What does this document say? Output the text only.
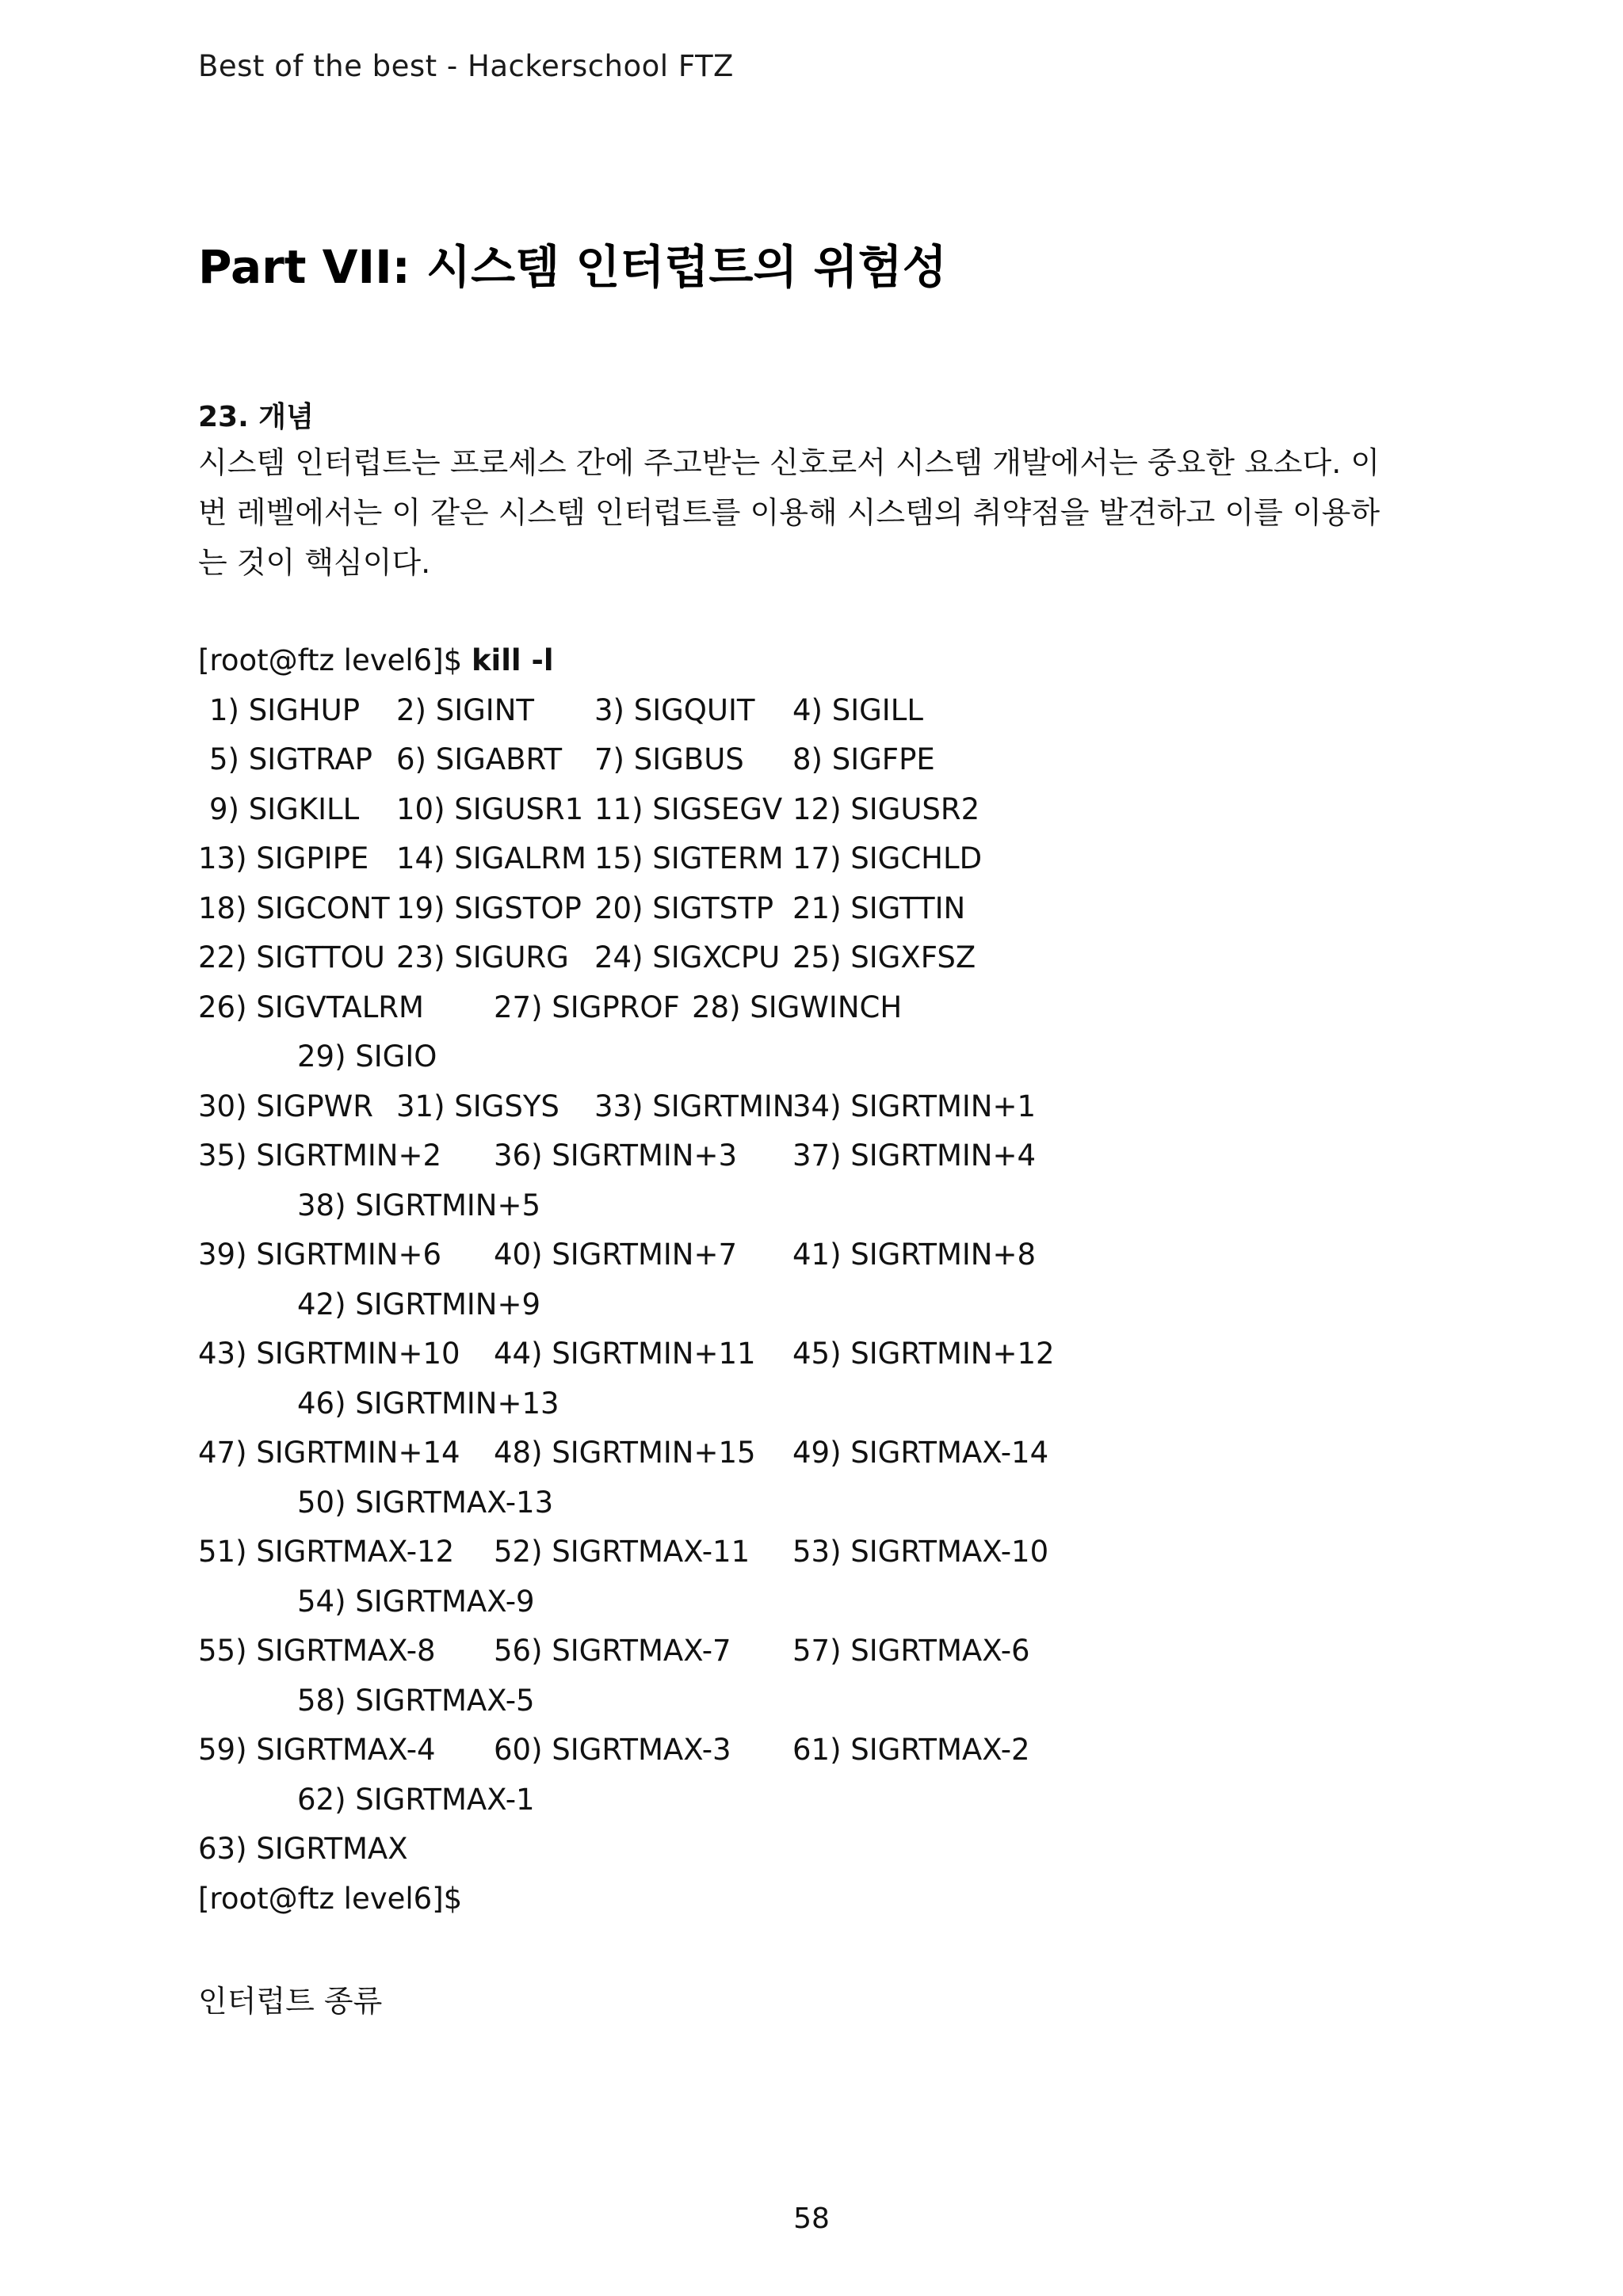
Best of the best - Hackerschool FTZ
Part VII: 시스템 인터럽트의 위험성
23. 개념

시스템 인터럽트는 프로세스 간에 주고받는 신호로서 시스템 개발에서는 중요한 요소다. 이
번 레벨에서는 이 같은 시스템 인터럽트를 이용해 시스템의 취약점을 발견하고 이를 이용하
는 것이 핵심이다.

[root@ftz level6]$ kill -l
1) SIGHUP 2) SIGINT 3) SIGQUIT 4) SIGILL
5) SIGTRAP 6) SIGABRT 7) SIGBUS 8) SIGFPE
9) SIGKILL 10) SIGUSR1 11) SIGSEGV 12) SIGUSR2
13) SIGPIPE 14) SIGALRM 15) SIGTERM 17) SIGCHLD
18) SIGCONT 19) SIGSTOP 20) SIGTSTP 21) SIGTTIN
22) SIGTTOU 23) SIGURG 24) SIGXCPU 25) SIGXFSZ
26) SIGVTALRM 27) SIGPROF 28) SIGWINCH
29) SIGIO
30) SIGPWR 31) SIGSYS 33) SIGRTMIN
34) SIGRTMIN+1
35) SIGRTMIN+2 36) SIGRTMIN+3 37) SIGRTMIN+4
38) SIGRTMIN+5
39) SIGRTMIN+6 40) SIGRTMIN+7 41) SIGRTMIN+8
42) SIGRTMIN+9
43) SIGRTMIN+10 44) SIGRTMIN+11 45) SIGRTMIN+12
46) SIGRTMIN+13
47) SIGRTMIN+14 48) SIGRTMIN+15 49) SIGRTMAX-14
50) SIGRTMAX-13
51) SIGRTMAX-12 52) SIGRTMAX-11 53) SIGRTMAX-10
54) SIGRTMAX-9
55) SIGRTMAX-8 56) SIGRTMAX-7 57) SIGRTMAX-6
58) SIGRTMAX-5
59) SIGRTMAX-4 60) SIGRTMAX-3 61) SIGRTMAX-2
62) SIGRTMAX-1
63) SIGRTMAX
[root@ftz level6]$

인터럽트 종류

58
